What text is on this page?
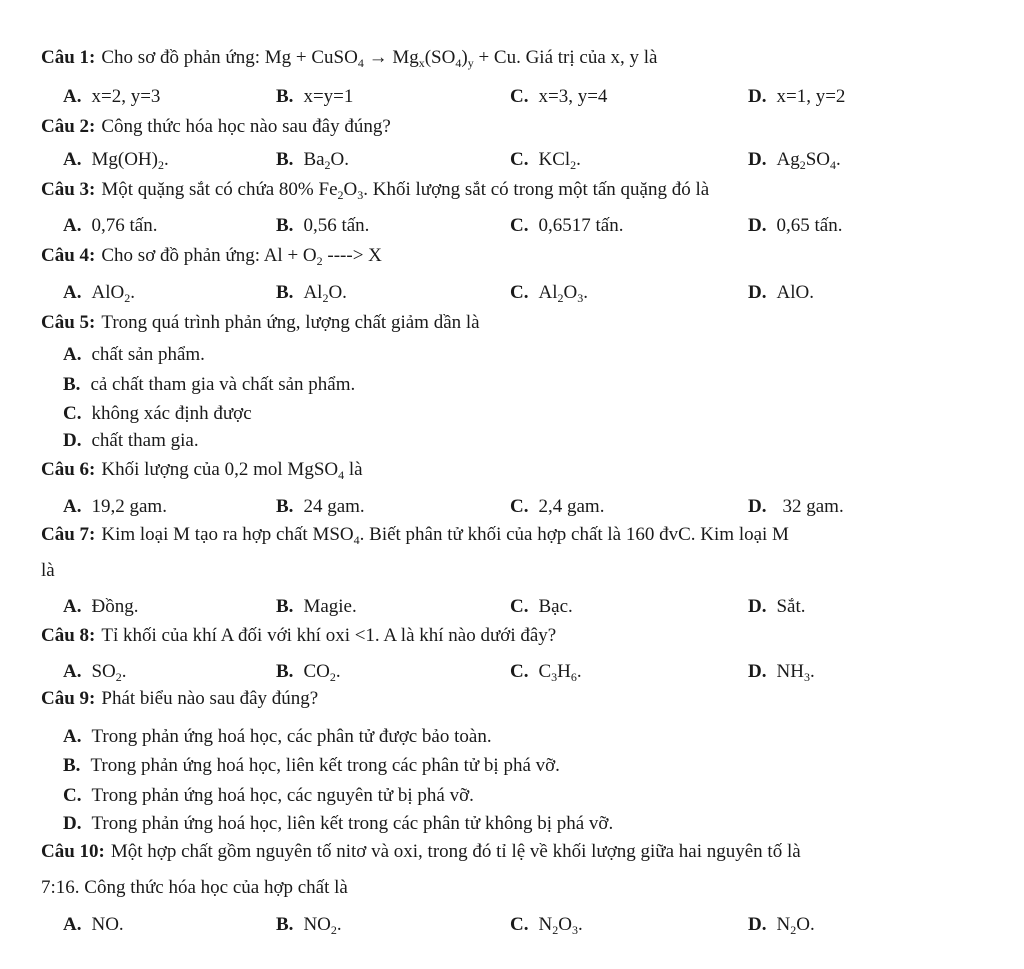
Câu 1: Cho sơ đồ phản ứng: Mg + CuSO$_4$ → $Mg_x(SO_4)_y + Cu$. Giá trị của x, y là
A. x=2, y=3	B. x=y=1	C. x=3, y=4	D. x=1, y=2
Câu 2: Công thức hóa học nào sau đây đúng?
A. $Mg(OH)_2$.	B. $Ba_2O$.	C. KCl$_2$.	D. $Ag_2SO_4$.
Câu 3: Một quặng sắt có chứa 80% $Fe_2O_3$. Khối lượng sắt có trong một tấn quặng đó là
A. 0,76 tấn.	B. 0,56 tấn.	C. 0,6517 tấn.	D. 0,65 tấn.
Câu 4: Cho sơ đồ phản ứng: $Al + O_2$ ----> X
A. AlO$_2$.	B. $Al_2O$.	C. $Al_2O_3$.	D. AlO.
Câu 5: Trong quá trình phản ứng, lượng chất giảm dần là
A. chất sản phẩm.
B. cả chất tham gia và chất sản phẩm.
C. không xác định được
D. chất tham gia.
Câu 6: Khối lượng của 0,2 mol MgSO$_4$ là
A. 19,2 gam.	B. 24 gam.	C. 2,4 gam.	D. 32 gam.
Câu 7: Kim loại M tạo ra hợp chất $MSO_4$. Biết phân tử khối của hợp chất là 160 đvC. Kim loại M
là
A. Đồng.	B. Magie.	C. Bạc.	D. Sắt.
Câu 8: Tỉ khối của khí A đối với khí oxi <1. A là khí nào dưới đây?
A. $SO_2$.	B. $CO_2$.	C. $C_3H_6$.	D. $NH_3$.
Câu 9: Phát biểu nào sau đây đúng?
A. Trong phản ứng hoá học, các phân tử được bảo toàn.
B. Trong phản ứng hoá học, liên kết trong các phân tử bị phá vỡ.
C. Trong phản ứng hoá học, các nguyên tử bị phá vỡ.
D. Trong phản ứng hoá học, liên kết trong các phân tử không bị phá vỡ.
Câu 10: Một hợp chất gồm nguyên tố nitơ và oxi, trong đó tỉ lệ về khối lượng giữa hai nguyên tố là
7:16. Công thức hóa học của hợp chất là
A. NO.	B. $NO_2$.	C. $N_2O_3$.	D. $N_2O$.
